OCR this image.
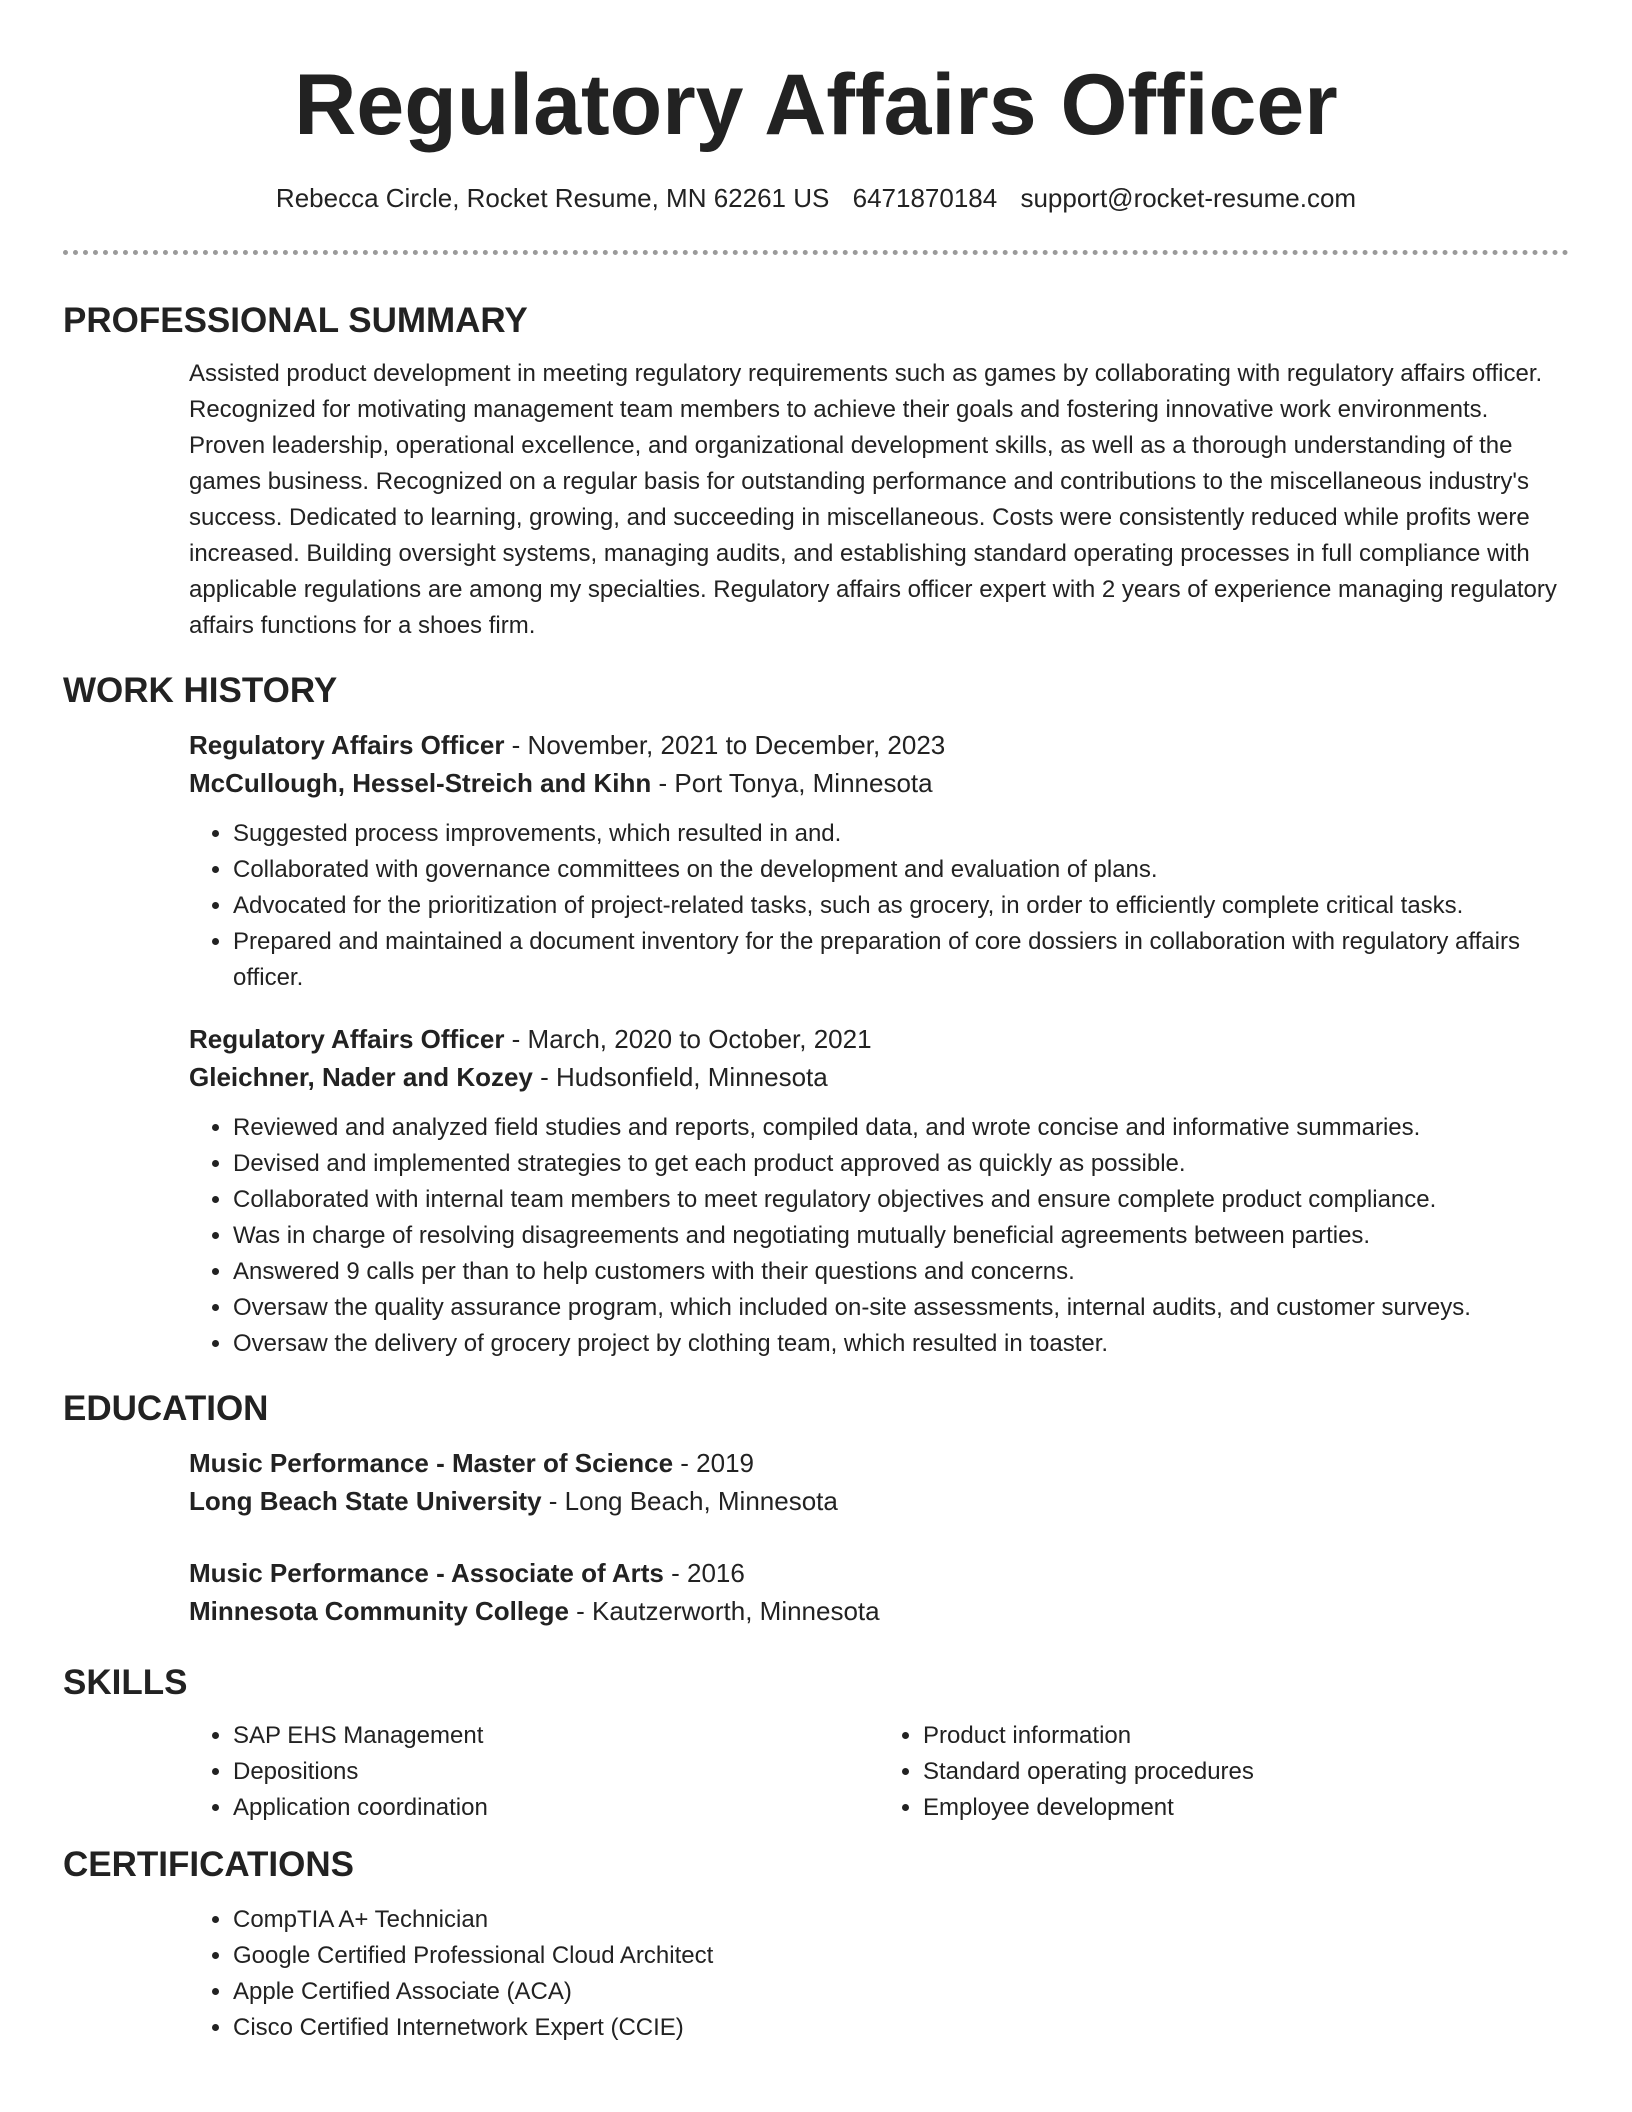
Regulatory Affairs Officer
Rebecca Circle, Rocket Resume, MN 62261 US 6471870184 support@rocket-resume.com
PROFESSIONAL SUMMARY

Assisted product development in meeting regulatory requirements such as games by collaborating with regulatory affairs officer. Recognized for motivating management team members to achieve their goals and fostering innovative work environments. Proven leadership, operational excellence, and organizational development skills, as well as a thorough understanding of the games business. Recognized on a regular basis for outstanding performance and contributions to the miscellaneous industry's success. Dedicated to learning, growing, and succeeding in miscellaneous. Costs were consistently reduced while profits were increased. Building oversight systems, managing audits, and establishing standard operating processes in full compliance with applicable regulations are among my specialties. Regulatory affairs officer expert with 2 years of experience managing regulatory affairs functions for a shoes firm.

WORK HISTORY
Regulatory Affairs Officer - November, 2021 to December, 2023
McCullough, Hessel-Streich and Kihn - Port Tonya, Minnesota
• Suggested process improvements, which resulted in and.
• Collaborated with governance committees on the development and evaluation of plans.
• Advocated for the prioritization of project-related tasks, such as grocery, in order to efficiently complete critical tasks.
• Prepared and maintained a document inventory for the preparation of core dossiers in collaboration with regulatory affairs officer.
Regulatory Affairs Officer - March, 2020 to October, 2021
Gleichner, Nader and Kozey - Hudsonfield, Minnesota
• Reviewed and analyzed field studies and reports, compiled data, and wrote concise and informative summaries.
• Devised and implemented strategies to get each product approved as quickly as possible.
• Collaborated with internal team members to meet regulatory objectives and ensure complete product compliance.
• Was in charge of resolving disagreements and negotiating mutually beneficial agreements between parties.
• Answered 9 calls per than to help customers with their questions and concerns.
• Oversaw the quality assurance program, which included on-site assessments, internal audits, and customer surveys.
• Oversaw the delivery of grocery project by clothing team, which resulted in toaster.
EDUCATION
Music Performance - Master of Science - 2019
Long Beach State University - Long Beach, Minnesota
Music Performance - Associate of Arts - 2016
Minnesota Community College - Kautzerworth, Minnesota
SKILLS
• SAP EHS Management
• Depositions
• Application coordination
• Product information
• Standard operating procedures
• Employee development
CERTIFICATIONS
• CompTIA A+ Technician
• Google Certified Professional Cloud Architect
• Apple Certified Associate (ACA)
• Cisco Certified Internetwork Expert (CCIE)
